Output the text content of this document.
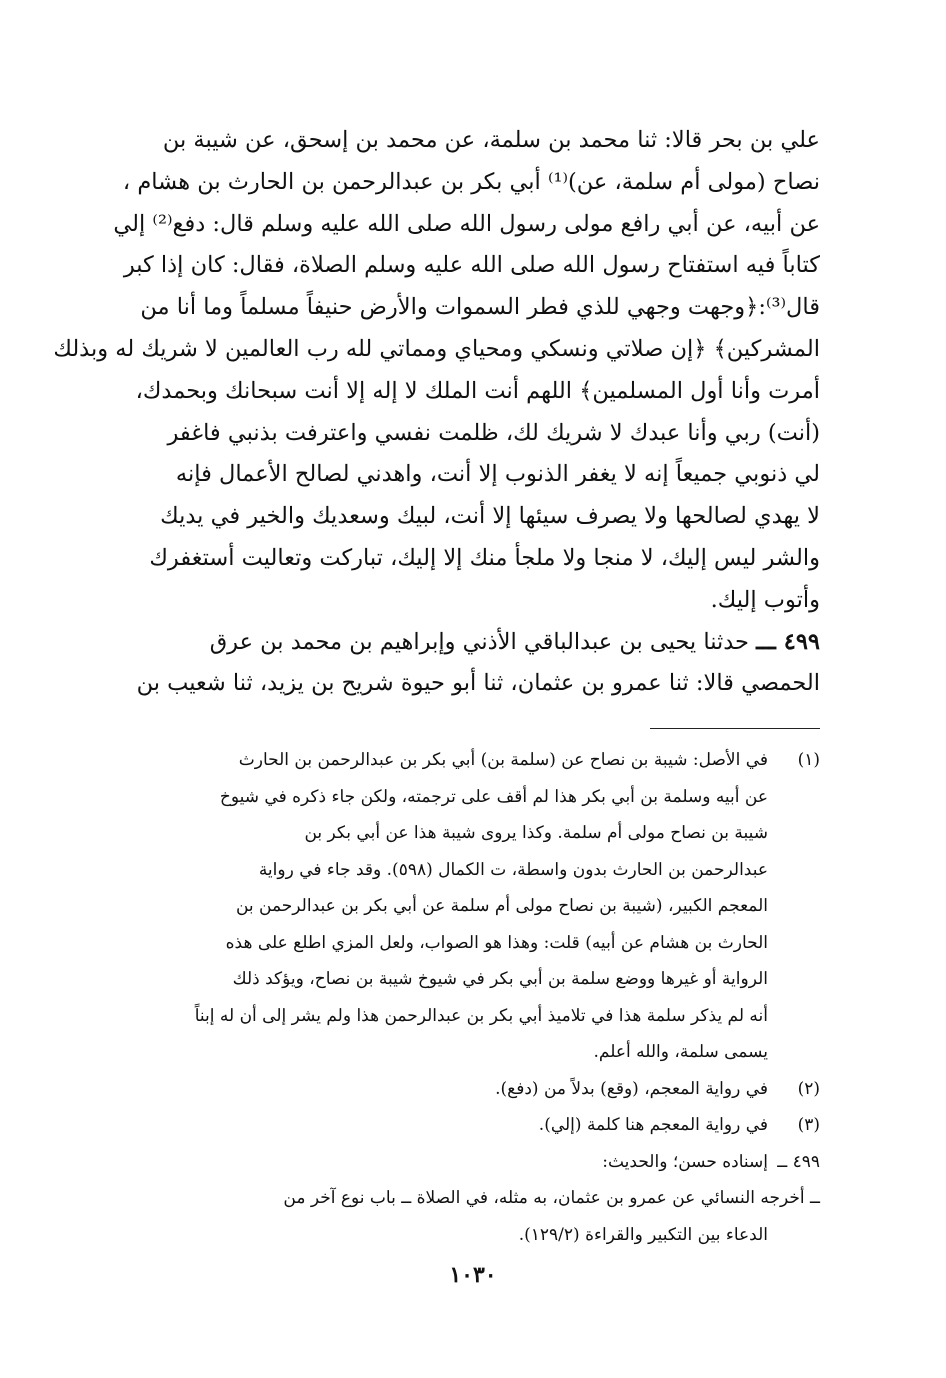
علي بن بحر قالا: ثنا محمد بن سلمة، عن محمد بن إسحق، عن شيبة بن
نصاح (مولى أم سلمة، عن)⁽¹⁾ أبي بكر بن عبدالرحمن بن الحارث بن هشام ،
عن أبيه، عن أبي رافع مولى رسول الله صلى الله عليه وسلم قال: دفع⁽²⁾ إلي
كتاباً فيه استفتاح رسول الله صلى الله عليه وسلم الصلاة، فقال: كان إذا كبر
قال⁽³⁾:﴿وجهت وجهي للذي فطر السموات والأرض حنيفاً مسلماً وما أنا من
المشركين﴾ ﴿إن صلاتي ونسكي ومحياي ومماتي لله رب العالمين لا شريك له وبذلك
أمرت وأنا أول المسلمين﴾ اللهم أنت الملك لا إله إلا أنت سبحانك وبحمدك،
(أنت) ربي وأنا عبدك لا شريك لك، ظلمت نفسي واعترفت بذنبي فاغفر
لي ذنوبي جميعاً إنه لا يغفر الذنوب إلا أنت، واهدني لصالح الأعمال فإنه
لا يهدي لصالحها ولا يصرف سيئها إلا أنت، لبيك وسعديك والخير في يديك
والشر ليس إليك، لا منجا ولا ملجأ منك إلا إليك، تباركت وتعاليت أستغفرك
وأتوب إليك.
٤٩٩ ـــ حدثنا يحيى بن عبدالباقي الأذني وإبراهيم بن محمد بن عرق
الحمصي قالا: ثنا عمرو بن عثمان، ثنا أبو حيوة شريح بن يزيد، ثنا شعيب بن
(١)في الأصل: شيبة بن نصاح عن (سلمة بن) أبي بكر بن عبدالرحمن بن الحارث
عن أبيه وسلمة بن أبي بكر هذا لم أقف على ترجمته، ولكن جاء ذكره في شيوخ
شيبة بن نصاح مولى أم سلمة. وكذا يروى شيبة هذا عن أبي بكر بن
عبدالرحمن بن الحارث بدون واسطة، ت الكمال (٥٩٨). وقد جاء في رواية
المعجم الكبير، (شيبة بن نصاح مولى أم سلمة عن أبي بكر بن عبدالرحمن بن
الحارث بن هشام عن أبيه) قلت: وهذا هو الصواب، ولعل المزي اطلع على هذه
الرواية أو غيرها ووضع سلمة بن أبي بكر في شيوخ شيبة بن نصاح، ويؤكد ذلك
أنه لم يذكر سلمة هذا في تلاميذ أبي بكر بن عبدالرحمن هذا ولم يشر إلى أن له إبناً
يسمى سلمة، والله أعلم.
(٢)في رواية المعجم، (وقع) بدلاً من (دفع).
(٣)في رواية المعجم هنا كلمة (إلي).
٤٩٩ ــإسناده حسن؛ والحديث:
ــ أخرجه النسائي عن عمرو بن عثمان، به مثله، في الصلاة ــ باب نوع آخر من
الدعاء بين التكبير والقراءة (١٢٩/٢).
١٠٣٠
